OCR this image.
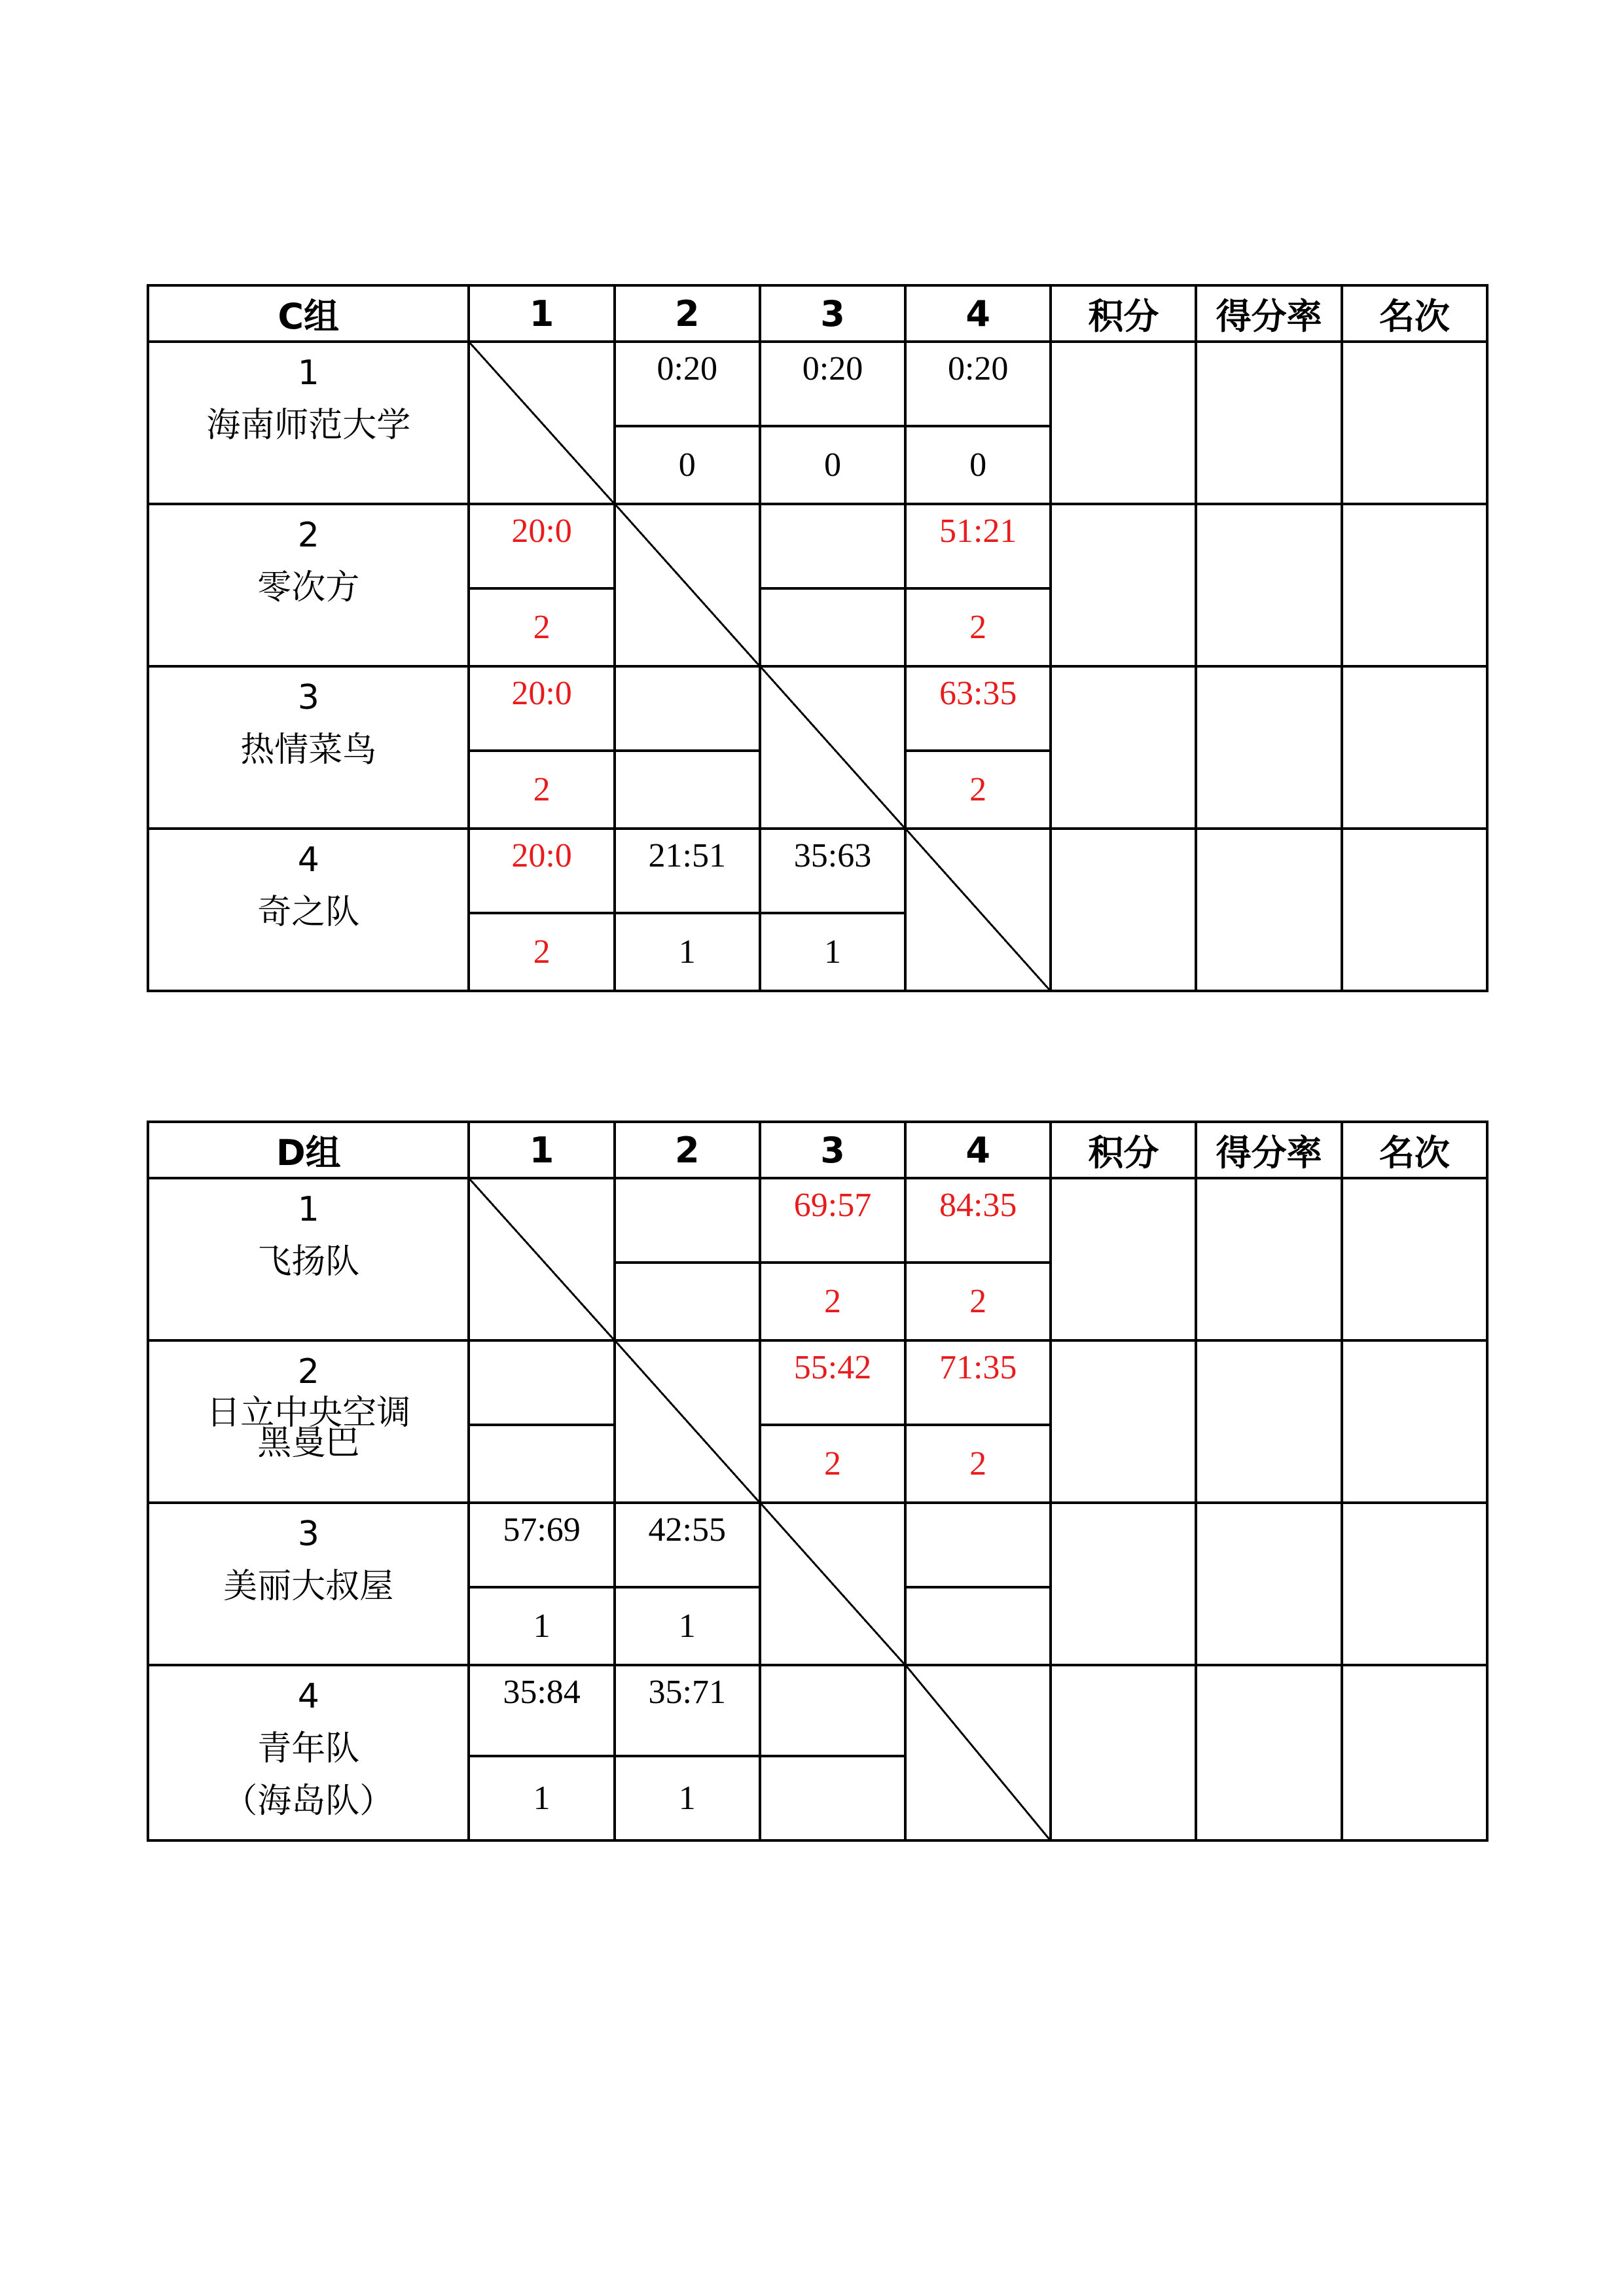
C组	1	2	3	4	积分	得分率	名次

1
海南师范大学		0:20	0:20	0:20			
		0	0	0			

2
零次方	20:0			51:21			
	2			2			

3
热情菜鸟	20:0			63:35			
	2			2			

4
奇之队	20:0	21:51	35:63				
	2	1	1				
D组	1	2	3	4	积分	得分率	名次

1
飞扬队			69:57	84:35			
			2	2			

2
日立中央空调
黑曼巴			55:42	71:35			
			2	2			

3
美丽大叔屋	57:69	42:55					
	1	1					

4
青年队
（海岛队）	35:84	35:71					
	1	1					
